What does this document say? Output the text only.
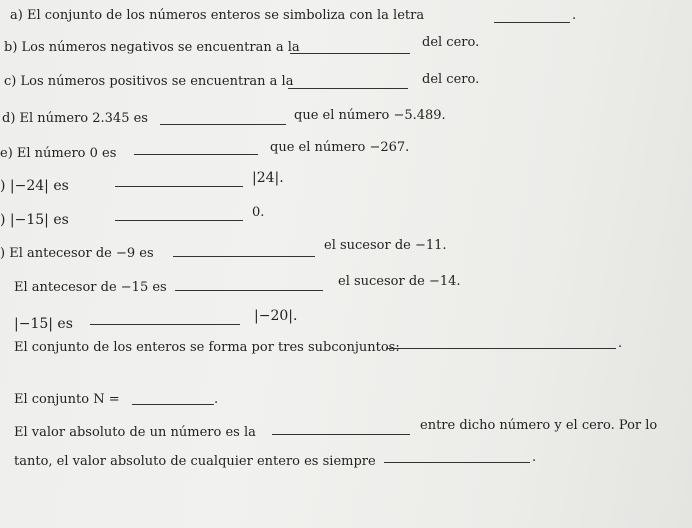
a) El conjunto de los números enteros se simboliza con la letra	.
b) Los números negativos se encuentran a la	del cero.
c) Los números positivos se encuentran a la	del cero.
d) El número 2.345 es	que el número −5.489.
e) El número 0 es	que el número −267.
) |−24| es	|24|.
) |−15| es	0.
) El antecesor de −9 es
el sucesor de −11.
El antecesor de −15 es	el sucesor de −14.
|−15| es	|−20|.
El conjunto de los enteros se forma por tres subconjuntos:	.
El conjunto N =	.
El valor absoluto de un número es la	entre dicho número y el cero. Por lo
tanto, el valor absoluto de cualquier entero es siempre	.
